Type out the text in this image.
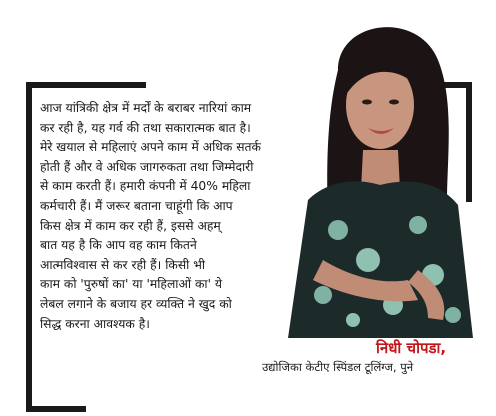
आज यांत्रिकी क्षेत्र में मर्दों के बराबर नारियां काम
कर रही है, यह गर्व की तथा सकारात्मक बात है।
मेरे खयाल से महिलाएं अपने काम में अधिक सतर्क
होती हैं और वे अधिक जागरुकता तथा जिम्मेदारी
से काम करती हैं। हमारी कंपनी में 40% महिला
कर्मचारी हैं। मैं जरूर बताना चाहूंगी कि आप
किस क्षेत्र में काम कर रही हैं, इससे अहम्
बात यह है कि आप वह काम कितने
आत्मविश्वास से कर रही हैं। किसी भी
काम को 'पुरुषों का' या 'महिलाओं का' ये
लेबल लगाने के बजाय हर व्यक्ति ने खुद को
सिद्ध करना आवश्यक है।

निधी चोपडा,

उद्योजिका केटीए स्पिंडल टूलिंग्ज, पुने
